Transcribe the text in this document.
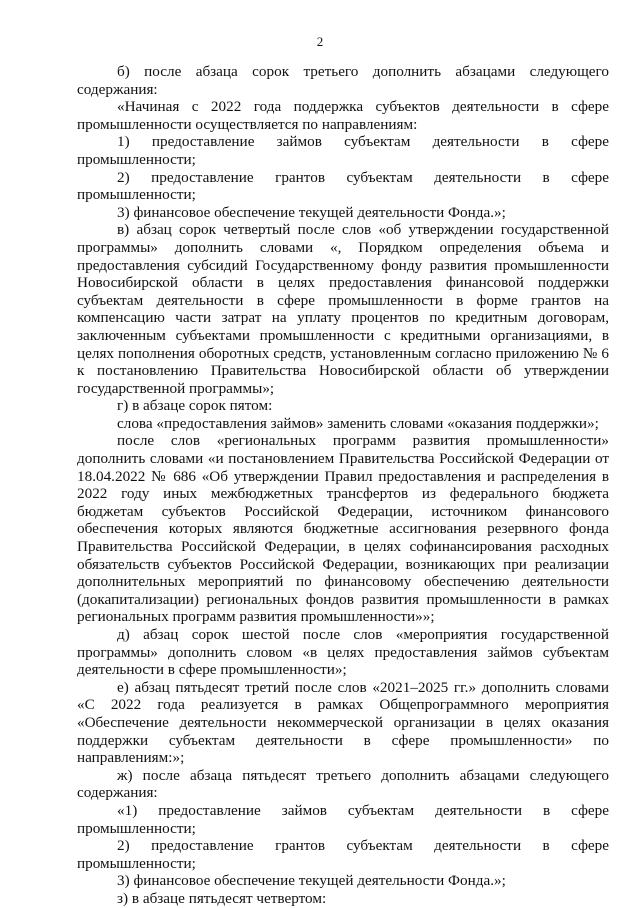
2

б) после абзаца сорок третьего дополнить абзацами следующего содержания:

«Начиная с 2022 года поддержка субъектов деятельности в сфере промышленности осуществляется по направлениям:

1) предоставление займов субъектам деятельности в сфере промышленности;

2) предоставление грантов субъектам деятельности в сфере промышленности;

3) финансовое обеспечение текущей деятельности Фонда.»;

в) абзац сорок четвертый после слов «об утверждении государственной программы» дополнить словами «, Порядком определения объема и предоставления субсидий Государственному фонду развития промышленности Новосибирской области в целях предоставления финансовой поддержки субъектам деятельности в сфере промышленности в форме грантов на компенсацию части затрат на уплату процентов по кредитным договорам, заключенным субъектами промышленности с кредитными организациями, в целях пополнения оборотных средств, установленным согласно приложению № 6 к постановлению Правительства Новосибирской области об утверждении государственной программы»;

г) в абзаце сорок пятом:

слова «предоставления займов» заменить словами «оказания поддержки»;

после слов «региональных программ развития промышленности» дополнить словами «и постановлением Правительства Российской Федерации от 18.04.2022 № 686 «Об утверждении Правил предоставления и распределения в 2022 году иных межбюджетных трансфертов из федерального бюджета бюджетам субъектов Российской Федерации, источником финансового обеспечения которых являются бюджетные ассигнования резервного фонда Правительства Российской Федерации, в целях софинансирования расходных обязательств субъектов Российской Федерации, возникающих при реализации дополнительных мероприятий по финансовому обеспечению деятельности (докапитализации) региональных фондов развития промышленности в рамках региональных программ развития промышленности»»;

д) абзац сорок шестой после слов «мероприятия государственной программы» дополнить словом «в целях предоставления займов субъектам деятельности в сфере промышленности»;

е) абзац пятьдесят третий после слов «2021–2025 гг.» дополнить словами «С 2022 года реализуется в рамках Общепрограммного мероприятия «Обеспечение деятельности некоммерческой организации в целях оказания поддержки субъектам деятельности в сфере промышленности» по направлениям:»;

ж) после абзаца пятьдесят третьего дополнить абзацами следующего содержания:

«1) предоставление займов субъектам деятельности в сфере промышленности;

2) предоставление грантов субъектам деятельности в сфере промышленности;

3) финансовое обеспечение текущей деятельности Фонда.»;

з) в абзаце пятьдесят четвертом:
